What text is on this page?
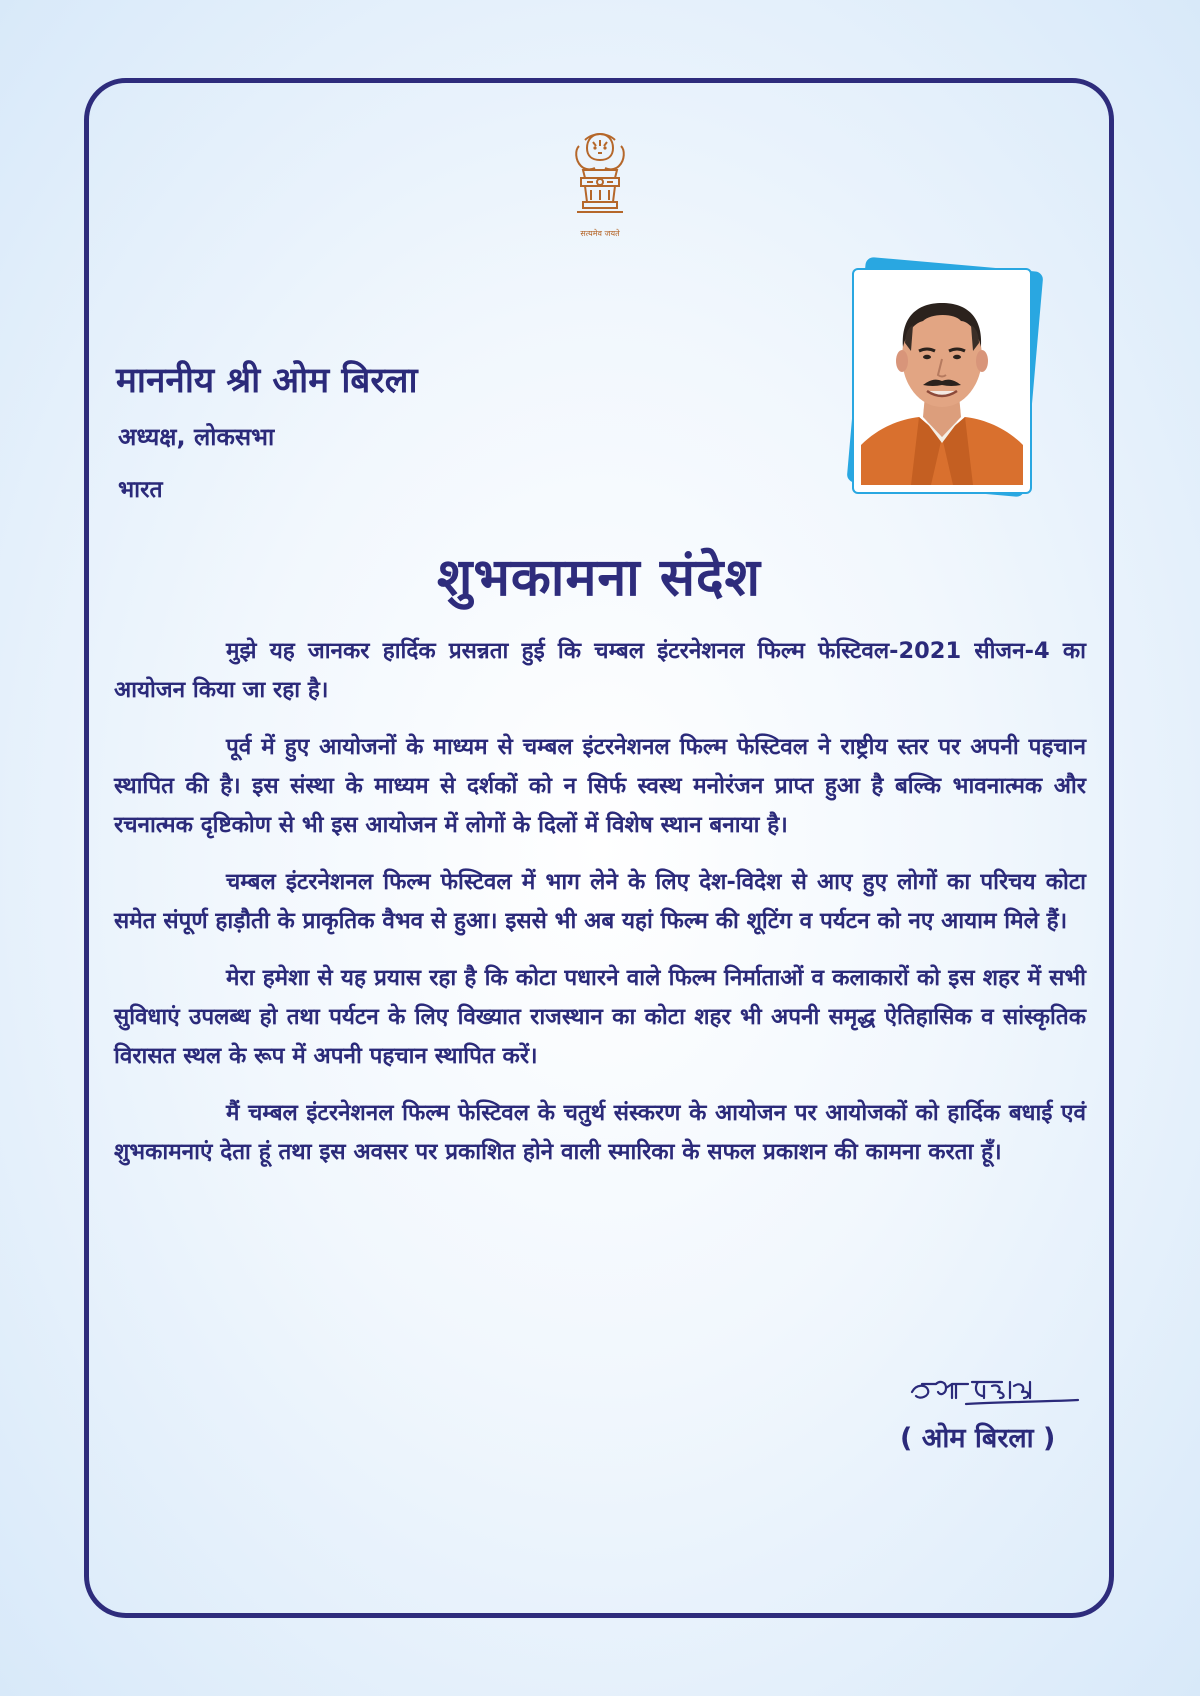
सत्यमेव जयते
माननीय श्री ओम बिरला
अध्यक्ष, लोकसभा
भारत
शुभकामना संदेश

मुझे यह जानकर हार्दिक प्रसन्नता हुई कि चम्बल इंटरनेशनल फिल्म फेस्टिवल-2021 सीजन-4 का आयोजन किया जा रहा है।

पूर्व में हुए आयोजनों के माध्यम से चम्बल इंटरनेशनल फिल्म फेस्टिवल ने राष्ट्रीय स्तर पर अपनी पहचान स्थापित की है। इस संस्था के माध्यम से दर्शकों को न सिर्फ स्वस्थ मनोरंजन प्राप्त हुआ है बल्कि भावनात्मक और रचनात्मक दृष्टिकोण से भी इस आयोजन में लोगों के दिलों में विशेष स्थान बनाया है।

चम्बल इंटरनेशनल फिल्म फेस्टिवल में भाग लेने के लिए देश-विदेश से आए हुए लोगों का परिचय कोटा समेत संपूर्ण हाड़ौती के प्राकृतिक वैभव से हुआ। इससे भी अब यहां फिल्म की शूटिंग व पर्यटन को नए आयाम मिले हैं।

मेरा हमेशा से यह प्रयास रहा है कि कोटा पधारने वाले फिल्म निर्माताओं व कलाकारों को इस शहर में सभी सुविधाएं उपलब्ध हो तथा पर्यटन के लिए विख्यात राजस्थान का कोटा शहर भी अपनी समृद्ध ऐतिहासिक व सांस्कृतिक विरासत स्थल के रूप में अपनी पहचान स्थापित करें।

मैं चम्बल इंटरनेशनल फिल्म फेस्टिवल के चतुर्थ संस्करण के आयोजन पर आयोजकों को हार्दिक बधाई एवं शुभकामनाएं देता हूं तथा इस अवसर पर प्रकाशित होने वाली स्मारिका के सफल प्रकाशन की कामना करता हूँ।

( ओम बिरला )
